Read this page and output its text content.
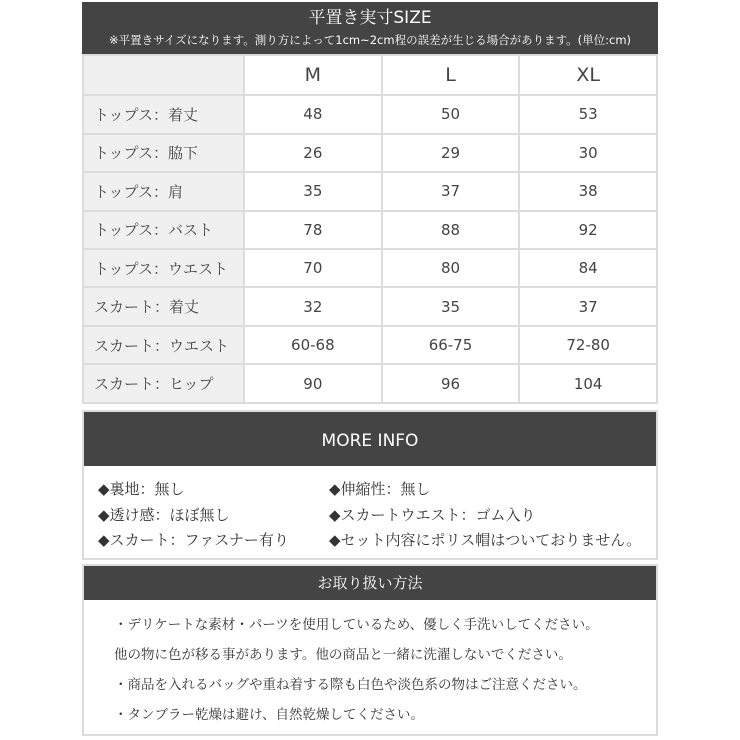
平置き実寸SIZE
※平置きサイズになります。測り方によって1cm~2cm程の誤差が生じる場合があります。(単位:cm)
	M	L	XL
トップス：着丈	48	50	53
トップス：脇下	26	29	30
トップス：肩	35	37	38
トップス：バスト	78	88	92
トップス：ウエスト	70	80	84
スカート：着丈	32	35	37
スカート：ウエスト	60-68	66-75	72-80
スカート：ヒップ	90	96	104
MORE INFO
◆裏地：無し	◆伸縮性：無し
◆透け感：ほぼ無し	◆スカートウエスト：ゴム入り
◆スカート：ファスナー有り	◆セット内容にポリス帽はついておりません。
お取り扱い方法
・デリケートな素材・パーツを使用しているため、優しく手洗いしてください。
他の物に色が移る事があります。他の商品と一緒に洗濯しないでください。
・商品を入れるバッグや重ね着する際も白色や淡色系の物はご注意ください。
・タンブラー乾燥は避け、自然乾燥してください。
